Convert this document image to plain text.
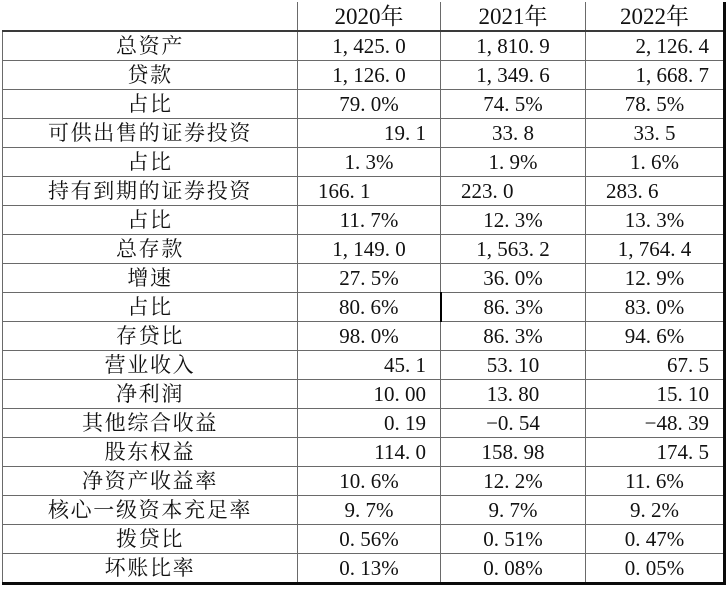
	2020年	2021年	2022年
总资产	1, 425. 0	1, 810. 9	2, 126. 4
贷款	1, 126. 0	1, 349. 6	1, 668. 7
占比	79. 0%	74. 5%	78. 5%
可供出售的证券投资	19. 1	33. 8	33. 5
占比	1. 3%	1. 9%	1. 6%
持有到期的证券投资	166. 1	223. 0	283. 6
占比	11. 7%	12. 3%	13. 3%
总存款	1, 149. 0	1, 563. 2	1, 764. 4
增速	27. 5%	36. 0%	12. 9%
占比	80. 6%	86. 3%	83. 0%
存贷比	98. 0%	86. 3%	94. 6%
营业收入	45. 1	53. 10	67. 5
净利润	10. 00	13. 80	15. 10
其他综合收益	0. 19	−0. 54	−48. 39
股东权益	114. 0	158. 98	174. 5
净资产收益率	10. 6%	12. 2%	11. 6%
核心一级资本充足率	9. 7%	9. 7%	9. 2%
拨贷比	0. 56%	0. 51%	0. 47%
坏账比率	0. 13%	0. 08%	0. 05%
